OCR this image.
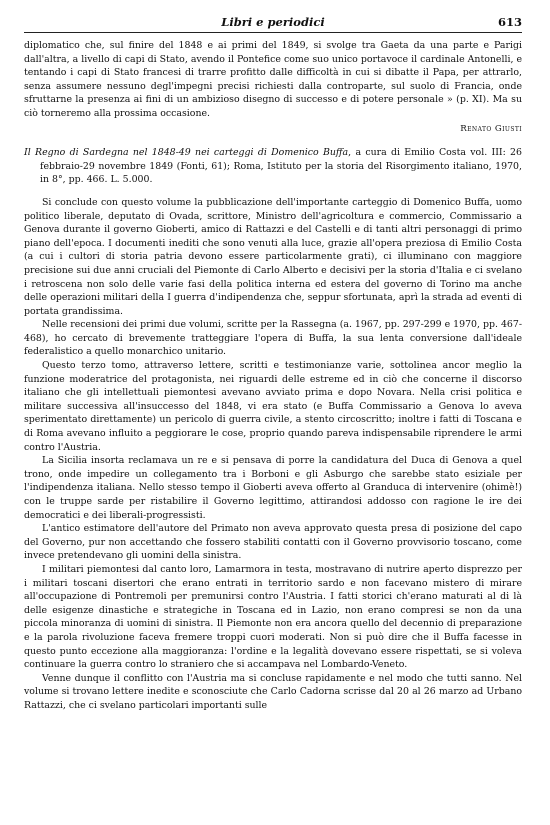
Libri e periodici	613

diplomatico che, sul finire del 1848 e ai primi del 1849, si svolge tra Gaeta da una parte e Parigi dall'altra, a livello di capi di Stato, avendo il Pontefice come suo unico portavoce il cardinale Antonelli, e tentando i capi di Stato francesi di trarre profitto dalle difficoltà in cui si dibatte il Papa, per attrarlo, senza assumere nessuno degl'impegni precisi richiesti dalla controparte, sul suolo di Francia, onde sfruttarne la presenza ai fini di un ambizioso disegno di successo e di potere personale » (p. XI). Ma su ciò torneremo alla prossima occasione.

Renato Giusti

Il Regno di Sardegna nel 1848-49 nei carteggi di Domenico Buffa, a cura di Emilio Costa vol. III: 26 febbraio-29 novembre 1849 (Fonti, 61); Roma, Istituto per la storia del Risorgimento italiano, 1970, in 8°, pp. 466. L. 5.000.

Si conclude con questo volume la pubblicazione dell'importante carteggio di Domenico Buffa, uomo politico liberale, deputato di Ovada, scrittore, Ministro dell'agricoltura e commercio, Commissario a Genova durante il governo Gioberti, amico di Rattazzi e del Castelli e di tanti altri personaggi di primo piano dell'epoca. I documenti inediti che sono venuti alla luce, grazie all'opera preziosa di Emilio Costa (a cui i cultori di storia patria devono essere particolarmente grati), ci illuminano con maggiore precisione sui due anni cruciali del Piemonte di Carlo Alberto e decisivi per la storia d'Italia e ci svelano i retroscena non solo delle varie fasi della politica interna ed estera del governo di Torino ma anche delle operazioni militari della I guerra d'indipendenza che, seppur sfortunata, aprì la strada ad eventi di portata grandissima.

Nelle recensioni dei primi due volumi, scritte per la Rassegna (a. 1967, pp. 297-299 e 1970, pp. 467-468), ho cercato di brevemente tratteggiare l'opera di Buffa, la sua lenta conversione dall'ideale federalistico a quello monarchico unitario.

Questo terzo tomo, attraverso lettere, scritti e testimonianze varie, sottolinea ancor meglio la funzione moderatrice del protagonista, nei riguardi delle estreme ed in ciò che concerne il discorso italiano che gli intellettuali piemontesi avevano avviato prima e dopo Novara. Nella crisi politica e militare successiva all'insuccesso del 1848, vi era stato (e Buffa Commissario a Genova lo aveva sperimentato direttamente) un pericolo di guerra civile, a stento circoscritto; inoltre i fatti di Toscana e di Roma avevano influito a peggiorare le cose, proprio quando pareva indispensabile riprendere le armi contro l'Austria.

La Sicilia insorta reclamava un re e si pensava di porre la candidatura del Duca di Genova a quel trono, onde impedire un collegamento tra i Borboni e gli Asburgo che sarebbe stato esiziale per l'indipendenza italiana. Nello stesso tempo il Gioberti aveva offerto al Granduca di intervenire (ohimè!) con le truppe sarde per ristabilire il Governo legittimo, attirandosi addosso con ragione le ire dei democratici e dei liberali-progressisti.

L'antico estimatore dell'autore del Primato non aveva approvato questa presa di posizione del capo del Governo, pur non accettando che fossero stabiliti contatti con il Governo provvisorio toscano, come invece pretendevano gli uomini della sinistra.

I militari piemontesi dal canto loro, Lamarmora in testa, mostravano di nutrire aperto disprezzo per i militari toscani disertori che erano entrati in territorio sardo e non facevano mistero di mirare all'occupazione di Pontremoli per premunirsi contro l'Austria. I fatti storici ch'erano maturati al di là delle esigenze dinastiche e strategiche in Toscana ed in Lazio, non erano compresi se non da una piccola minoranza di uomini di sinistra. Il Piemonte non era ancora quello del decennio di preparazione e la parola rivoluzione faceva fremere troppi cuori moderati. Non si può dire che il Buffa facesse in questo punto eccezione alla maggioranza: l'ordine e la legalità dovevano essere rispettati, se si voleva continuare la guerra contro lo straniero che si accampava nel Lombardo-Veneto.

Venne dunque il conflitto con l'Austria ma si concluse rapidamente e nel modo che tutti sanno. Nel volume si trovano lettere inedite e sconosciute che Carlo Cadorna scrisse dal 20 al 26 marzo ad Urbano Rattazzi, che ci svelano particolari importanti sulle
